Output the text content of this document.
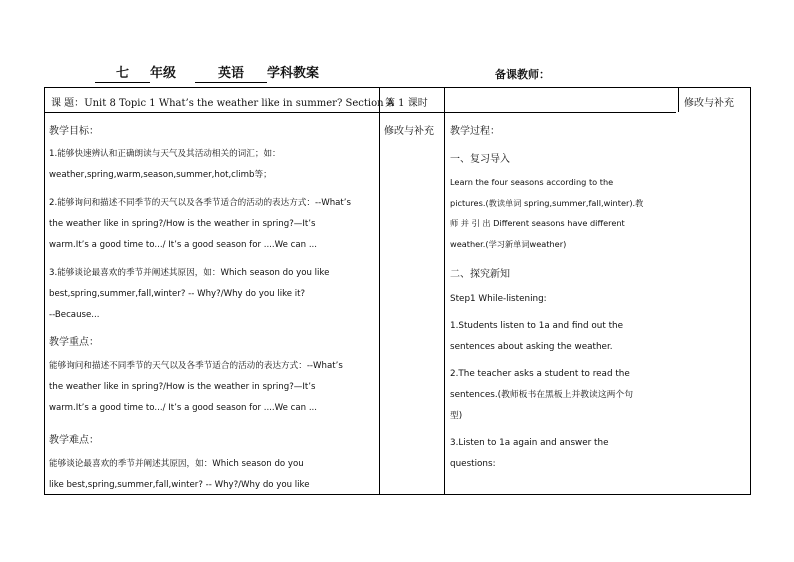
七 年级	英语 学科教案	备课教师：
课 题：Unit 8 Topic 1 What’s the weather like in summer? Section A
第 1 课时	修改与补充
修改与补充
教学目标：
1.能够快速辨认和正确朗读与天气及其活动相关的词汇；如：
weather,spring,warm,season,summer,hot,climb等；
2.能够询问和描述不同季节的天气以及各季节适合的活动的表达方式：--What’s
the weather like in spring?/How is the weather in spring?—It’s
warm.It’s a good time to.../ It’s a good season for ....We can ...
3.能够谈论最喜欢的季节并阐述其原因，如：Which season do you like
best,spring,summer,fall,winter? -- Why?/Why do you like it?
--Because...
教学重点：
能够询问和描述不同季节的天气以及各季节适合的活动的表达方式：--What’s
the weather like in spring?/How is the weather in spring?—It’s
warm.It’s a good time to.../ It’s a good season for ....We can ...
教学难点：
能够谈论最喜欢的季节并阐述其原因，如：Which season do you
like best,spring,summer,fall,winter? -- Why?/Why do you like
教学过程：
一、复习导入
Learn the four seasons according to the
pictures.(教读单词 spring,summer,fall,winter).教
师 并 引 出 Different seasons have different
weather.(学习新单词weather)
二、探究新知
Step1 While-listening:
1.Students listen to 1a and find out the
sentences about asking the weather.
2.The teacher asks a student to read the
sentences.(教师板书在黑板上并教读这两个句
型)
3.Listen to 1a again and answer the
questions:
